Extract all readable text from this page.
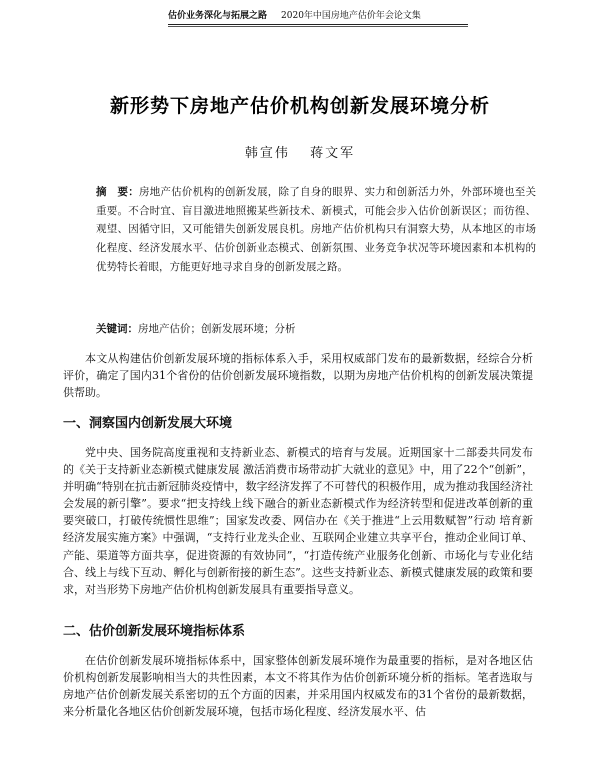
估价业务深化与拓展之路 2020年中国房地产估价年会论文集
新形势下房地产估价机构创新发展环境分析
韩宣伟 蒋文军
摘　要：房地产估价机构的创新发展，除了自身的眼界、实力和创新活力外，外部环境也至关重要。不合时宜、盲目激进地照搬某些新技术、新模式，可能会步入估价创新误区；而彷徨、观望、因循守旧，又可能错失创新发展良机。房地产估价机构只有洞察大势，从本地区的市场化程度、经济发展水平、估价创新业态模式、创新氛围、业务竞争状况等环境因素和本机构的优势特长着眼，方能更好地寻求自身的创新发展之路。
关键词：房地产估价；创新发展环境；分析

本文从构建估价创新发展环境的指标体系入手，采用权威部门发布的最新数据，经综合分析评价，确定了国内31个省份的估价创新发展环境指数，以期为房地产估价机构的创新发展决策提供帮助。

一、洞察国内创新发展大环境

党中央、国务院高度重视和支持新业态、新模式的培育与发展。近期国家十二部委共同发布的《关于支持新业态新模式健康发展 激活消费市场带动扩大就业的意见》中，用了22个“创新”，并明确“特别在抗击新冠肺炎疫情中，数字经济发挥了不可替代的积极作用，成为推动我国经济社会发展的新引擎”。要求“把支持线上线下融合的新业态新模式作为经济转型和促进改革创新的重要突破口，打破传统惯性思维”；国家发改委、网信办在《关于推进“上云用数赋智”行动 培育新经济发展实施方案》中强调，“支持行业龙头企业、互联网企业建立共享平台，推动企业间订单、产能、渠道等方面共享，促进资源的有效协同”，“打造传统产业服务化创新、市场化与专业化结合、线上与线下互动、孵化与创新衔接的新生态”。这些支持新业态、新模式健康发展的政策和要求，对当形势下房地产估价机构创新发展具有重要指导意义。

二、估价创新发展环境指标体系

在估价创新发展环境指标体系中，国家整体创新发展环境作为最重要的指标，是对各地区估价机构创新发展影响相当大的共性因素，本文不将其作为估价创新环境分析的指标。笔者选取与房地产估价创新发展关系密切的五个方面的因素，并采用国内权威发布的31个省份的最新数据，来分析量化各地区估价创新发展环境，包括市场化程度、经济发展水平、估
